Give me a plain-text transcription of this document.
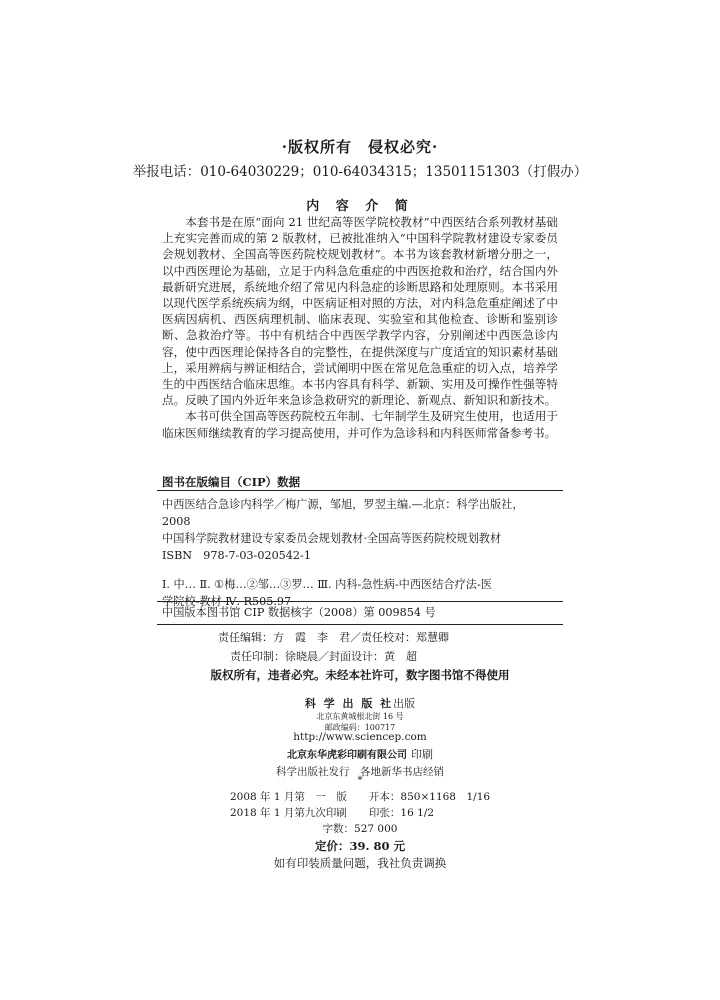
·版权所有　侵权必究·
举报电话：010-64030229；010-64034315；13501151303（打假办）
内 容 介 简

本套书是在原“面向 21 世纪高等医学院校教材”中西医结合系列教材基础上充实完善而成的第 2 版教材，已被批准纳入“中国科学院教材建设专家委员会规划教材、全国高等医药院校规划教材”。本书为该套教材新增分册之一，以中西医理论为基础，立足于内科急危重症的中西医抢救和治疗，结合国内外最新研究进展，系统地介绍了常见内科急症的诊断思路和处理原则。本书采用以现代医学系统疾病为纲，中医病证相对照的方法，对内科急危重症阐述了中医病因病机、西医病理机制、临床表现、实验室和其他检查、诊断和鉴别诊断、急救治疗等。书中有机结合中西医学教学内容，分别阐述中西医急诊内容，使中西医理论保持各自的完整性，在提供深度与广度适宜的知识素材基础上，采用辨病与辨证相结合，尝试阐明中医在常见危急重症的切入点，培养学生的中西医结合临床思维。本书内容具有科学、新颖、实用及可操作性强等特点。反映了国内外近年来急诊急救研究的新理论、新观点、新知识和新技术。

本书可供全国高等医药院校五年制、七年制学生及研究生使用，也适用于临床医师继续教育的学习提高使用，并可作为急诊科和内科医师常备参考书。

图书在版编目（CIP）数据
中西医结合急诊内科学／梅广源，邹旭，罗翌主编.—北京：科学出版社，
2008
中国科学院教材建设专家委员会规划教材·全国高等医药院校规划教材
ISBN　978-7-03-020542-1
Ⅰ. 中… Ⅱ. ①梅…②邹…③罗… Ⅲ. 内科-急性病-中西医结合疗法-医
学院校-教材 Ⅳ. R505.97
中国版本图书馆 CIP 数据核字（2008）第 009854 号
责任编辑：方　霞　李　君／责任校对：郑慧卿
责任印制：徐晓晨／封面设计：黄　超
版权所有，违者必究。未经本社许可，数字图书馆不得使用
科 学 出 版 社出版
北京东黄城根北街 16 号
邮政编码：100717
http://www.sciencep.com
北京东华虎彩印刷有限公司 印刷
科学出版社发行　各地新华书店经销
*
2008 年 1 月第　一　版 开本：850×1168　1/16
2018 年 1 月第九次印刷 印张：16 1/2
字数：527 000
定价：39. 80 元
如有印装质量问题，我社负责调换
